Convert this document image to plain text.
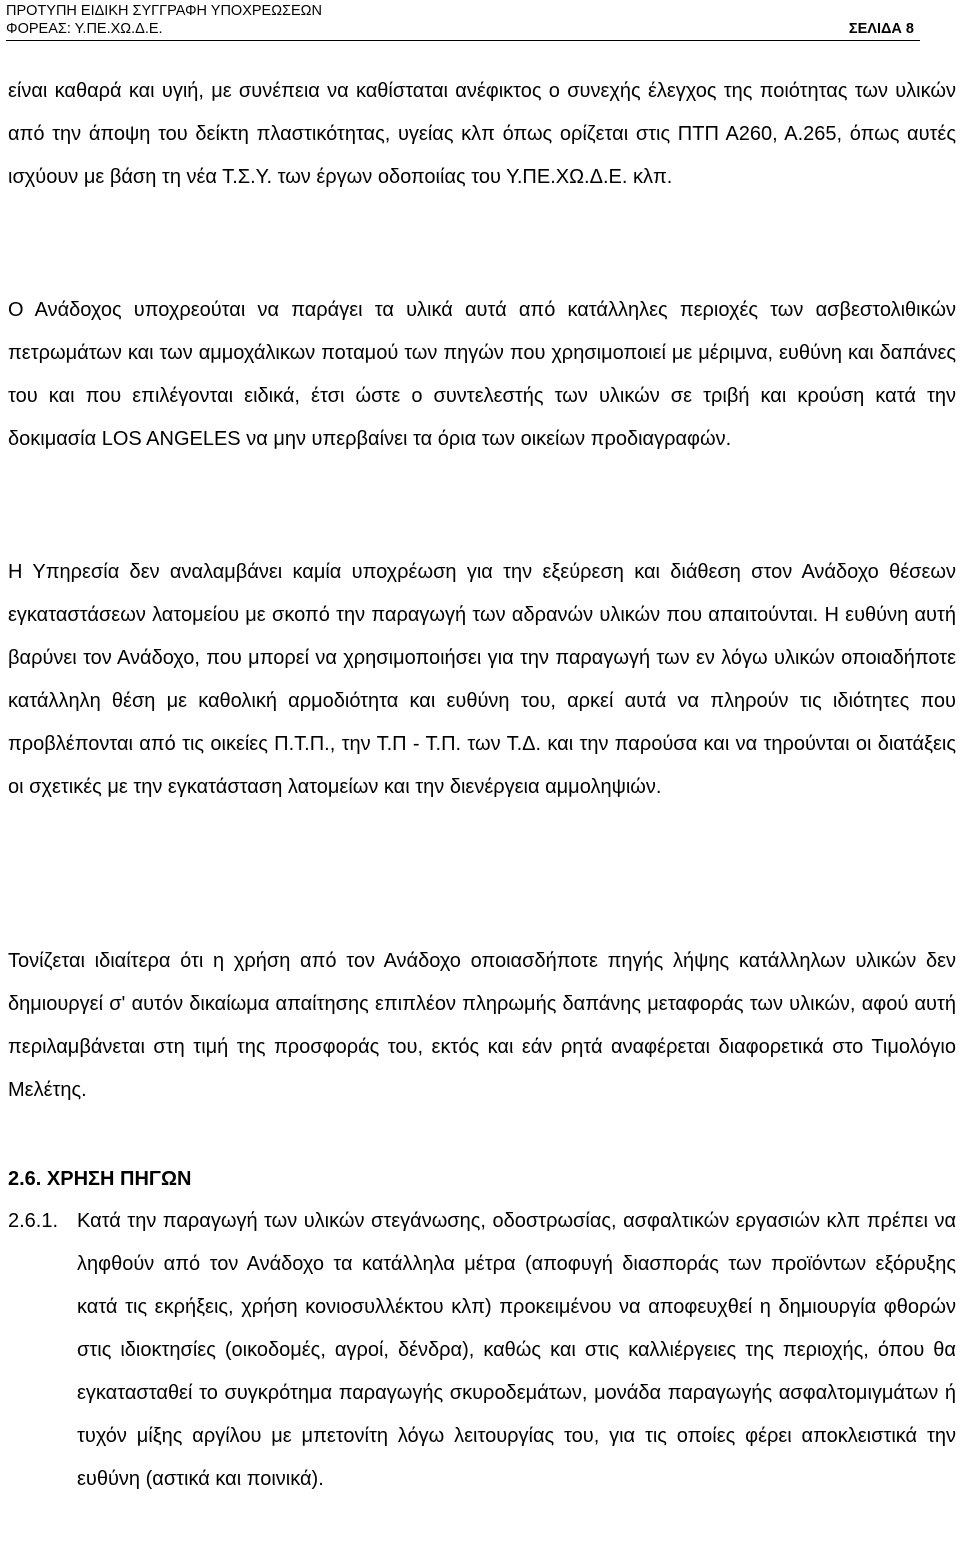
ΠΡΟΤΥΠΗ ΕΙΔΙΚΗ ΣΥΓΓΡΑΦΗ ΥΠΟΧΡΕΩΣΕΩΝ
ΦΟΡΕΑΣ: Υ.ΠΕ.ΧΩ.Δ.Ε.	ΣΕΛΙΔΑ 8

είναι καθαρά και υγιή, με συνέπεια να καθίσταται ανέφικτος ο συνεχής έλεγχος της ποιότητας των υλικών από την άποψη του δείκτη πλαστικότητας, υγείας κλπ όπως ορίζεται στις ΠΤΠ Α260, Α.265, όπως αυτές ισχύουν με βάση τη νέα Τ.Σ.Υ. των έργων οδοποιίας του Υ.ΠΕ.ΧΩ.Δ.Ε. κλπ.

Ο Ανάδοχος υποχρεούται να παράγει τα υλικά αυτά από κατάλληλες περιοχές των ασβεστολιθικών πετρωμάτων και των αμμοχάλικων ποταμού των πηγών που χρησιμοποιεί με μέριμνα, ευθύνη και δαπάνες του και που επιλέγονται ειδικά, έτσι ώστε ο συντελεστής των υλικών σε τριβή και κρούση κατά την δοκιμασία LOS ANGELES να μην υπερβαίνει τα όρια των οικείων προδιαγραφών.

Η Υπηρεσία δεν αναλαμβάνει καμία υποχρέωση για την εξεύρεση και διάθεση στον Ανάδοχο θέσεων εγκαταστάσεων λατομείου με σκοπό την παραγωγή των αδρανών υλικών που απαιτούνται. Η ευθύνη αυτή βαρύνει τον Ανάδοχο, που μπορεί να χρησιμοποιήσει για την παραγωγή των εν λόγω υλικών οποιαδήποτε κατάλληλη θέση με καθολική αρμοδιότητα και ευθύνη του, αρκεί αυτά να πληρούν τις ιδιότητες που προβλέπονται από τις οικείες Π.Τ.Π., την Τ.Π - Τ.Π. των Τ.Δ. και την παρούσα και να τηρούνται οι διατάξεις οι σχετικές με την εγκατάσταση λατομείων και την διενέργεια αμμοληψιών.

Τονίζεται ιδιαίτερα ότι η χρήση από τον Ανάδοχο οποιασδήποτε πηγής λήψης κατάλληλων υλικών δεν δημιουργεί σ' αυτόν δικαίωμα απαίτησης επιπλέον πληρωμής δαπάνης μεταφοράς των υλικών, αφού αυτή περιλαμβάνεται στη τιμή της προσφοράς του, εκτός και εάν ρητά αναφέρεται διαφορετικά στο Τιμολόγιο Μελέτης.

2.6. ΧΡΗΣΗ ΠΗΓΩΝ
2.6.1. Κατά την παραγωγή των υλικών στεγάνωσης, οδοστρωσίας, ασφαλτικών εργασιών κλπ πρέπει να ληφθούν από τον Ανάδοχο τα κατάλληλα μέτρα (αποφυγή διασποράς των προϊόντων εξόρυξης κατά τις εκρήξεις, χρήση κονιοσυλλέκτου κλπ) προκειμένου να αποφευχθεί η δημιουργία φθορών στις ιδιοκτησίες (οικοδομές, αγροί, δένδρα), καθώς και στις καλλιέργειες της περιοχής, όπου θα εγκατασταθεί το συγκρότημα παραγωγής σκυροδεμάτων, μονάδα παραγωγής ασφαλτομιγμάτων ή τυχόν μίξης αργίλου με μπετονίτη λόγω λειτουργίας του, για τις οποίες φέρει αποκλειστικά την ευθύνη (αστικά και ποινικά).
